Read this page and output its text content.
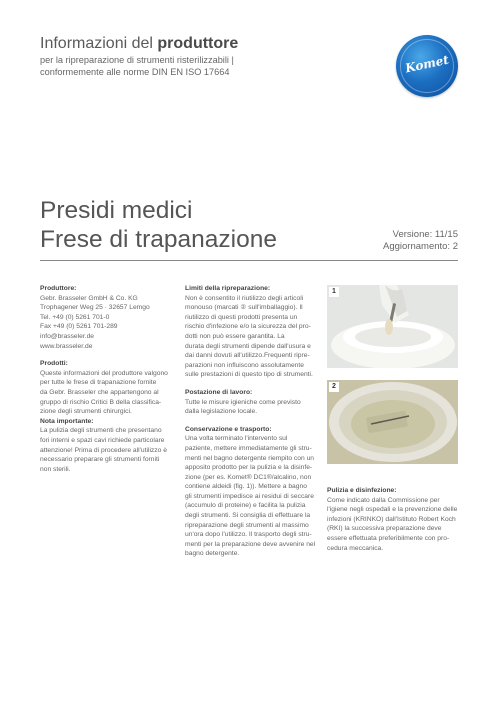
Informazioni del produttore
per la ripreparazione di strumenti risterilizzabili |
conformemente alle norme DIN EN ISO 17664	Komet
Presidi medici
Frese di trapanazione	Versione: 11/15
Aggiornamento: 2

Produttore:

Gebr. Brasseler GmbH & Co. KG

Trophagener Weg 25 · 32657 Lemgo

Tel. +49 (0) 5261 701-0

Fax +49 (0) 5261 701-289

info@brasseler.de

www.brasseler.de

Prodotti:

Queste informazioni del produttore valgono

per tutte le frese di trapanazione fornite

da Gebr. Brasseler che appartengono al

gruppo di rischio Critici B della classifica-

zione degli strumenti chirurgici.

Nota importante:

La pulizia degli strumenti che presentano

fori interni e spazi cavi richiede particolare

attenzione! Prima di procedere all'utilizzo è

necessario preparare gli strumenti forniti

non sterili.

Limiti della ripreparazione:

Non è consentito il riutilizzo degli articoli

monouso (marcati ② sull'imballaggio). Il

riutilizzo di questi prodotti presenta un

rischio d'infezione e/o la sicurezza del pro-

dotti non può essere garantita. La

durata degli strumenti dipende dall'usura e

dai danni dovuti all'utilizzo.Frequenti ripre-

parazioni non influiscono assolutamente

sulle prestazioni di questo tipo di strumenti.

Postazione di lavoro:

Tutte le misure igieniche come previsto

dalla legislazione locale.

Conservazione e trasporto:

Una volta terminato l'intervento sul

paziente, mettere immediatamente gli stru-

menti nel bagno detergente riempito con un

apposito prodotto per la pulizia e la disinfe-

zione (per es. Komet® DC1®/alcalino, non

contiene aldeidi (fig. 1)). Mettere a bagno

gli strumenti impedisce ai residui di seccare

(accumulo di proteine) e facilita la pulizia

degli strumenti. Si consiglia di effettuare la

ripreparazione degli strumenti al massimo

un'ora dopo l'utilizzo. Il trasporto degli stru-

menti per la preparazione deve avvenire nel

bagno detergente.

1
2

Pulizia e disinfezione:

Come indicato dalla Commissione per

l'igiene negli ospedali e la prevenzione delle

infezioni (KRINKO) dall'Istituto Robert Koch

(RKI) la successiva preparazione deve

essere effettuata preferibilmente con pro-

cedura meccanica.
